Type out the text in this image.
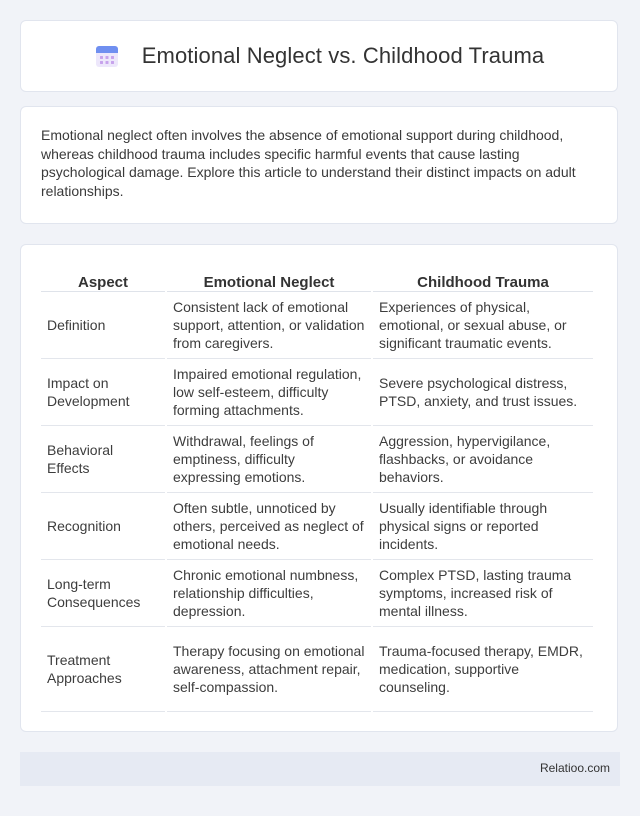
Emotional Neglect vs. Childhood Trauma

Emotional neglect often involves the absence of emotional support during childhood, whereas childhood trauma includes specific harmful events that cause lasting psychological damage. Explore this article to understand their distinct impacts on adult relationships.

Aspect	Emotional Neglect	Childhood Trauma
Definition	Consistent lack of emotional support, attention, or validation from caregivers.	Experiences of physical, emotional, or sexual abuse, or significant traumatic events.
Impact on Development	Impaired emotional regulation, low self-esteem, difficulty forming attachments.	Severe psychological distress, PTSD, anxiety, and trust issues.
Behavioral Effects	Withdrawal, feelings of emptiness, difficulty expressing emotions.	Aggression, hypervigilance, flashbacks, or avoidance behaviors.
Recognition	Often subtle, unnoticed by others, perceived as neglect of emotional needs.	Usually identifiable through physical signs or reported incidents.
Long-term Consequences	Chronic emotional numbness, relationship difficulties, depression.	Complex PTSD, lasting trauma symptoms, increased risk of mental illness.
Treatment Approaches	Therapy focusing on emotional awareness, attachment repair, self-compassion.	Trauma-focused therapy, EMDR, medication, supportive counseling.
Relatioo.com
